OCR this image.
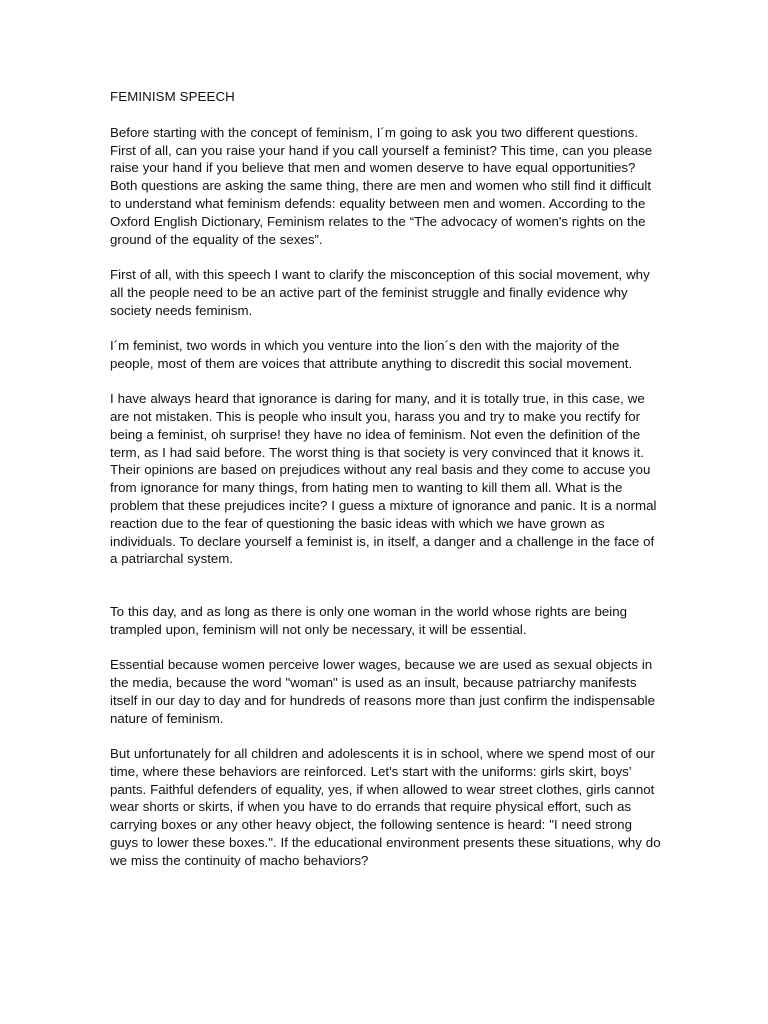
FEMINISM SPEECH

Before starting with the concept of feminism, I´m going to ask you two different questions. First of all, can you raise your hand if you call yourself a feminist? This time, can you please raise your hand if you believe that men and women deserve to have equal opportunities? Both questions are asking the same thing, there are men and women who still find it difficult to understand what feminism defends: equality between men and women. According to the Oxford English Dictionary, Feminism relates to the “The advocacy of women's rights on the ground of the equality of the sexes”.

First of all, with this speech I want to clarify the misconception of this social movement, why all the people need to be an active part of the feminist struggle and finally evidence why society needs feminism.

I´m feminist, two words in which you venture into the lion´s den with the majority of the people, most of them are voices that attribute anything to discredit this social movement.

I have always heard that ignorance is daring for many, and it is totally true, in this case, we are not mistaken. This is people who insult you, harass you and try to make you rectify for being a feminist, oh surprise! they have no idea of feminism. Not even the definition of the term, as I had said before. The worst thing is that society is very convinced that it knows it. Their opinions are based on prejudices without any real basis and they come to accuse you from ignorance for many things, from hating men to wanting to kill them all. What is the problem that these prejudices incite? I guess a mixture of ignorance and panic. It is a normal reaction due to the fear of questioning the basic ideas with which we have grown as individuals. To declare yourself a feminist is, in itself, a danger and a challenge in the face of a patriarchal system.

To this day, and as long as there is only one woman in the world whose rights are being trampled upon, feminism will not only be necessary, it will be essential.

Essential because women perceive lower wages, because we are used as sexual objects in the media, because the word "woman" is used as an insult, because patriarchy manifests itself in our day to day and for hundreds of reasons more than just confirm the indispensable nature of feminism.

But unfortunately for all children and adolescents it is in school, where we spend most of our time, where these behaviors are reinforced. Let's start with the uniforms: girls skirt, boys’ pants. Faithful defenders of equality, yes, if when allowed to wear street clothes, girls cannot wear shorts or skirts, if when you have to do errands that require physical effort, such as carrying boxes or any other heavy object, the following sentence is heard: "I need strong guys to lower these boxes.". If the educational environment presents these situations, why do we miss the continuity of macho behaviors?
